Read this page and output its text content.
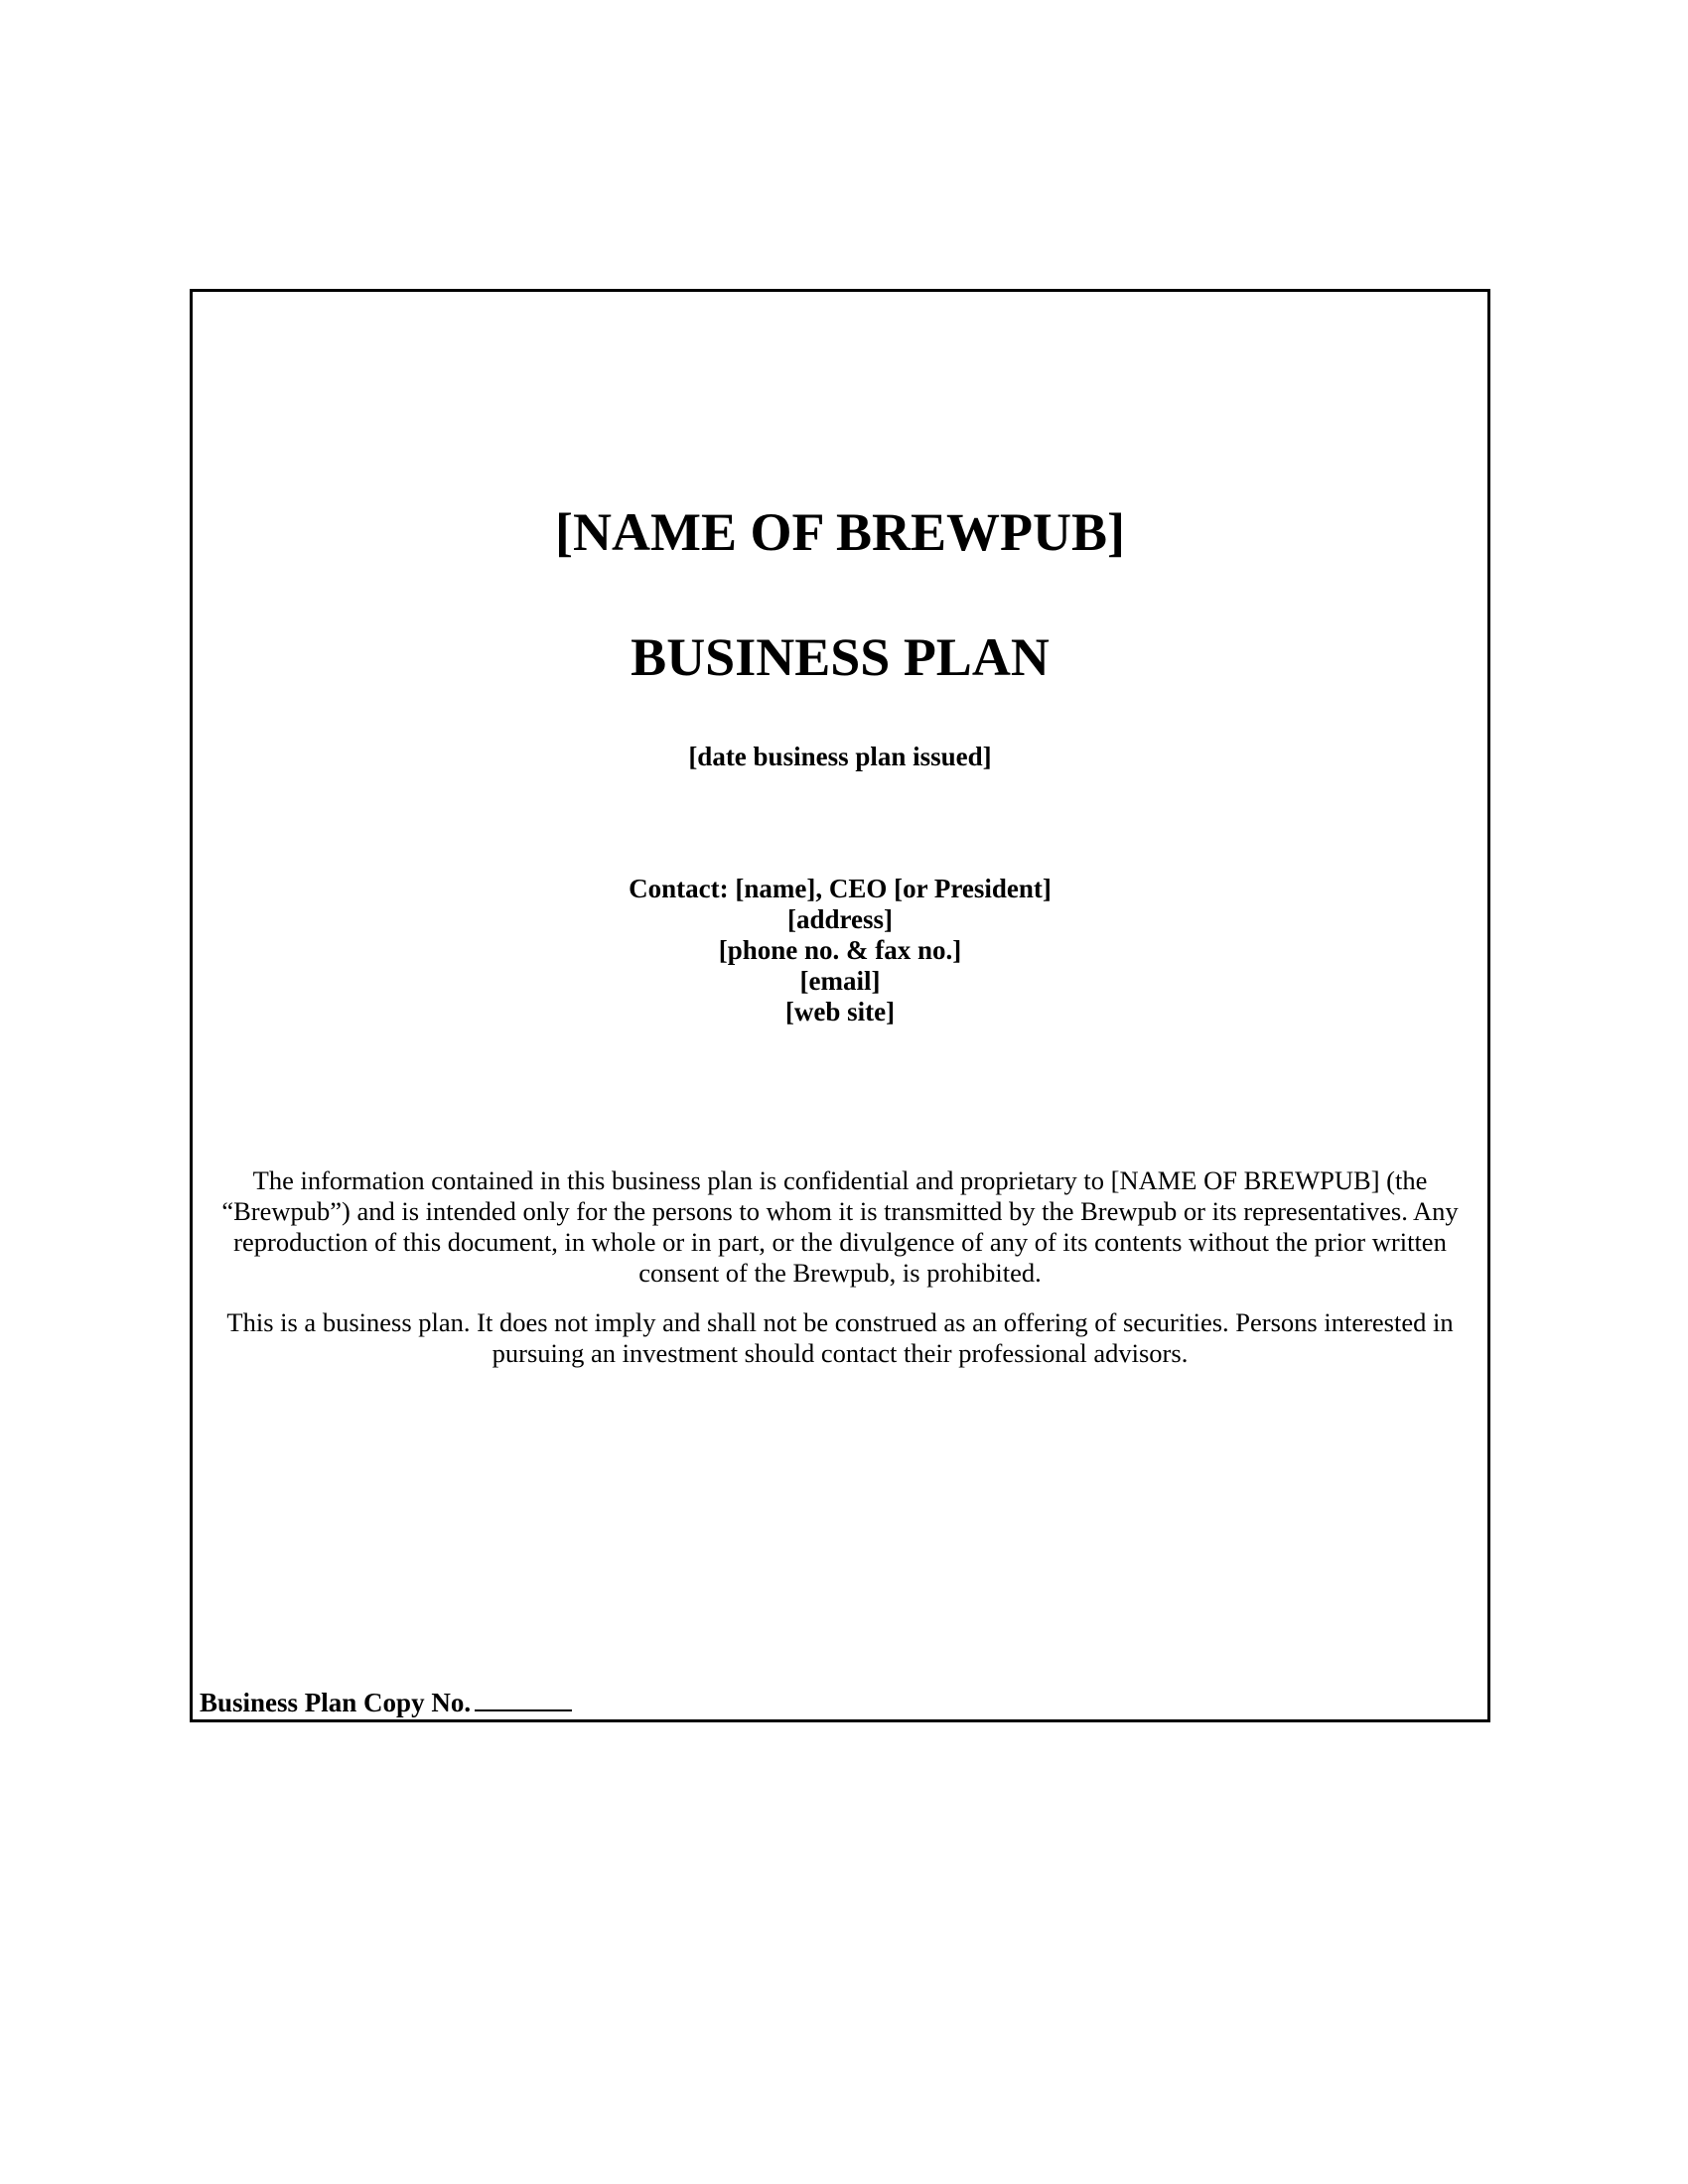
[NAME OF BREWPUB]
BUSINESS PLAN
[date business plan issued]
Contact: [name], CEO [or President]
[address]
[phone no. & fax no.]
[email]
[web site]

The information contained in this business plan is confidential and proprietary to [NAME OF BREWPUB] (the “Brewpub”) and is intended only for the persons to whom it is transmitted by the Brewpub or its representatives. Any reproduction of this document, in whole or in part, or the divulgence of any of its contents without the prior written consent of the Brewpub, is prohibited.

This is a business plan. It does not imply and shall not be construed as an offering of securities. Persons interested in pursuing an investment should contact their professional advisors.

Business Plan Copy No.
